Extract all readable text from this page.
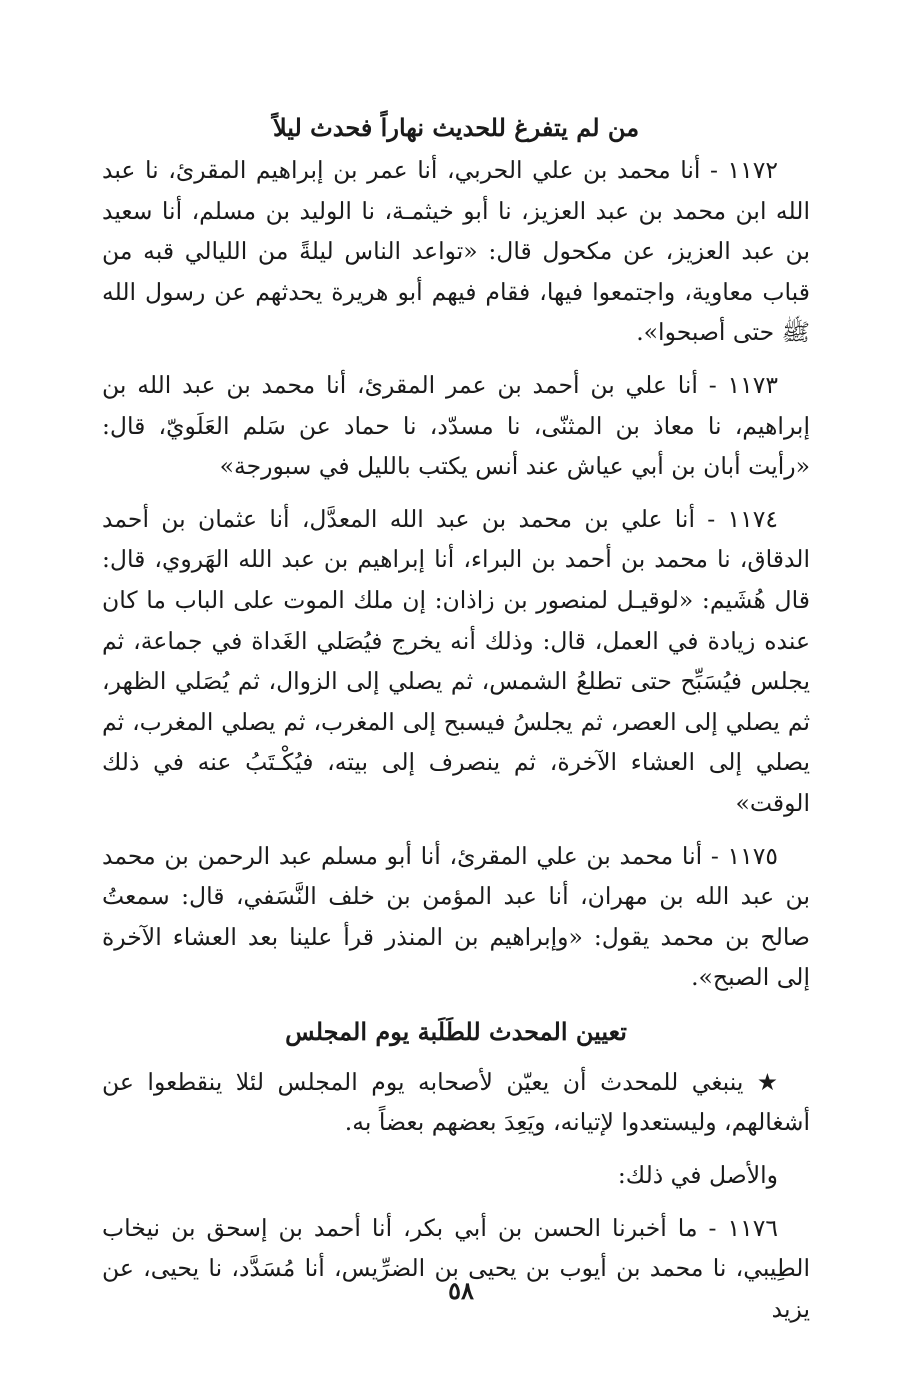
من لم يتفرغ للحديث نهاراً فحدث ليلاً

١١٧٢ - أنا محمد بن علي الحربي، أنا عمر بن إبراهيم المقرئ، نا عبد الله ابن محمد بن عبد العزيز، نا أبو خيثمـة، نا الوليد بن مسلم، أنا سعيد بن عبد العزيز، عن مكحول قال: «تواعد الناس ليلةً من الليالي قبه من قباب معاوية، واجتمعوا فيها، فقام فيهم أبو هريرة يحدثهم عن رسول الله ﷺ حتى أصبحوا».

١١٧٣ - أنا علي بن أحمد بن عمر المقرئ، أنا محمد بن عبد الله بن إبراهيم، نا معاذ بن المثنّى، نا مسدّد، نا حماد عن سَلم العَلَويّ، قال: «رأيت أبان بن أبي عياش عند أنس يكتب بالليل في سبورجة»

١١٧٤ - أنا علي بن محمد بن عبد الله المعدَّل، أنا عثمان بن أحمد الدقاق، نا محمد بن أحمد بن البراء، أنا إبراهيم بن عبد الله الهَروي، قال: قال هُشَيم: «لوقيـل لمنصور بن زاذان: إن ملك الموت على الباب ما كان عنده زيادة في العمل، قال: وذلك أنه يخرج فيُصَلي الغَداة في جماعة، ثم يجلس فيُسَبِّح حتى تطلعُ الشمس، ثم يصلي إلى الزوال، ثم يُصَلي الظهر، ثم يصلي إلى العصر، ثم يجلسُ فيسبح إلى المغرب، ثم يصلي المغرب، ثم يصلي إلى العشاء الآخرة، ثم ينصرف إلى بيته، فيُكْـتَبُ عنه في ذلك الوقت»

١١٧٥ - أنا محمد بن علي المقرئ، أنا أبو مسلم عبد الرحمن بن محمد بن عبد الله بن مهران، أنا عبد المؤمن بن خلف النَّسَفي، قال: سمعتُ صالح بن محمد يقول: «وإبراهيم بن المنذر قرأ علينا بعد العشاء الآخرة إلى الصبح».

تعيين المحدث للطَلَبة يوم المجلس

★ ينبغي للمحدث أن يعيّن لأصحابه يوم المجلس لئلا ينقطعوا عن أشغالهم، وليستعدوا لإتيانه، ويَعِدَ بعضهم بعضاً به.

والأصل في ذلك:

١١٧٦ - ما أخبرنا الحسن بن أبي بكر، أنا أحمد بن إسحق بن نيخاب الطِيبي، نا محمد بن أيوب بن يحيى بن الضرِّيس، أنا مُسَدَّد، نا يحيى، عن يزيد

٥٨
